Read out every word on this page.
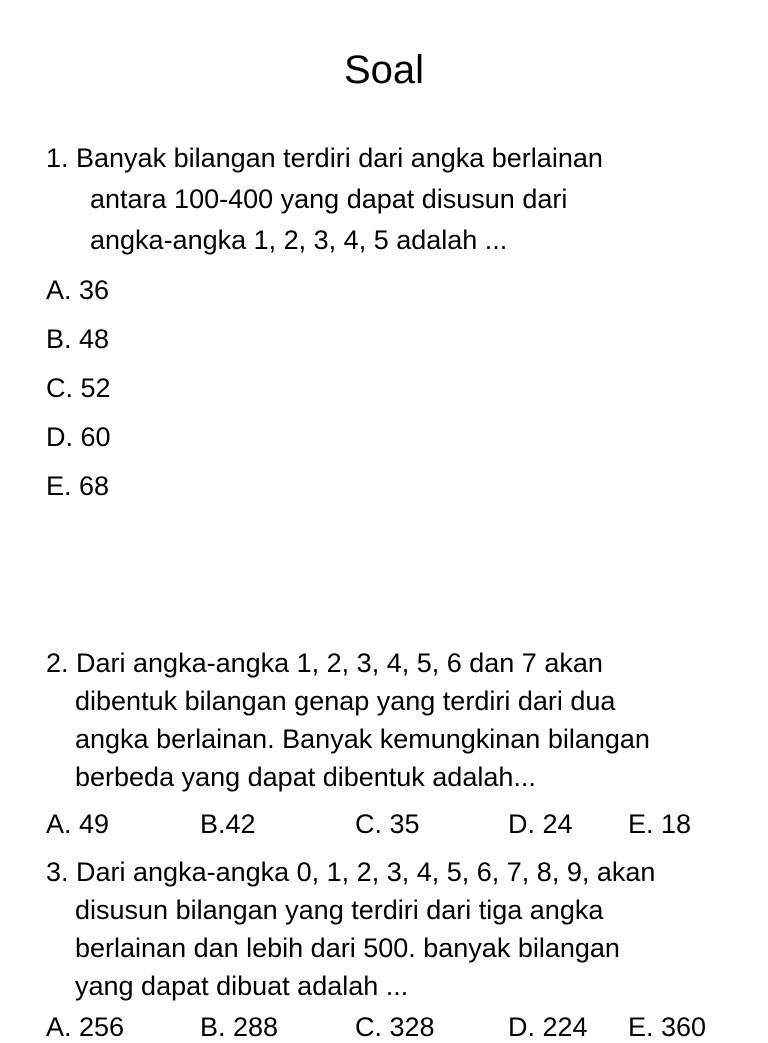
Soal
1. Banyak bilangan terdiri dari angka berlainan
antara 100-400 yang dapat disusun dari
angka-angka 1, 2, 3, 4, 5 adalah ...
A. 36
B. 48
C. 52
D. 60
E. 68
2. Dari angka-angka 1, 2, 3, 4, 5, 6 dan 7 akan
dibentuk bilangan genap yang terdiri dari dua
angka berlainan. Banyak kemungkinan bilangan
berbeda yang dapat dibentuk adalah...
A. 49	B.42	C. 35	D. 24 E. 18
3. Dari angka-angka 0, 1, 2, 3, 4, 5, 6, 7, 8, 9, akan
disusun bilangan yang terdiri dari tiga angka
berlainan dan lebih dari 500. banyak bilangan
yang dapat dibuat adalah ...
A. 256	B. 288	C. 328	D. 224 E. 360
